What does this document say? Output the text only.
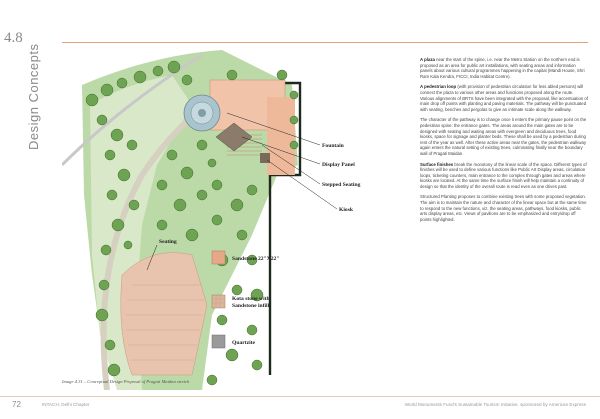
4.8
Design Concepts	Fountain
Display Panel
Stepped Seating
Kiosk
Seating
Sandstone 22"X22"
Kota stone with
Sandstone infill
Quartzite
Image 4.31 – Conceptual Design Proposal of Pragati Maidan stretch

A plaza near the start of the spine, i.e. near the Metro Station on the northern end is proposed as an area for public art installations, with seating areas and information panels about various cultural programmes happening in the capital (Mandi House, Shri Ram Kala Kendra, FICCI, India Habitat Centre).

A pedestrian loop (with provision of pedestrian circulation for less abled persons) will connect the plaza to various other areas and functions proposed along the route. Various alignments of BRTS have been integrated with the proposal, like accentuation of main drop off points with planting and paving materials. The pathway will be punctuated with seating, benches and pergolas to give an intimate scale along the walkway.

The character of the pathway is to change once it enters the primary pause point on the pedestrian spine: the entrance gates. The areas around the main gates are to be designed with seating and waiting areas with evergreen and deciduous trees, food kiosks, space for signage and planter beds. These shall be used by a pedestrian during rest of the year as well. After these active areas near the gates, the pedestrian walkway again enters the natural setting of existing trees, culminating finally near the boundary wall of Pragati Maidan.

Surface finishes break the monotony of the linear scale of the space. Different types of finishes will be used to define various functions like Public Art Display areas, circulation loops, ticketing counters, main entrance to the complex through gates and areas where kiosks are located. At the same time the surface finish will help maintain a continuity of design so that the identity of the overall route is read even as one drives past.

Structured Planting proposes to combine existing trees with some proposed vegetation. The aim is to maintain the nature and character of the linear space but at the same time to respond to the new functions, viz. the seating areas, pathways, food kiosks, public arts display areas, etc. Views of pavilions are to be emphasized and entry/drop off points highlighted.

72	INTACH, Delhi Chapter	World Monuments Fund's Sustainable Tourism Initiative, sponsored by American Express
